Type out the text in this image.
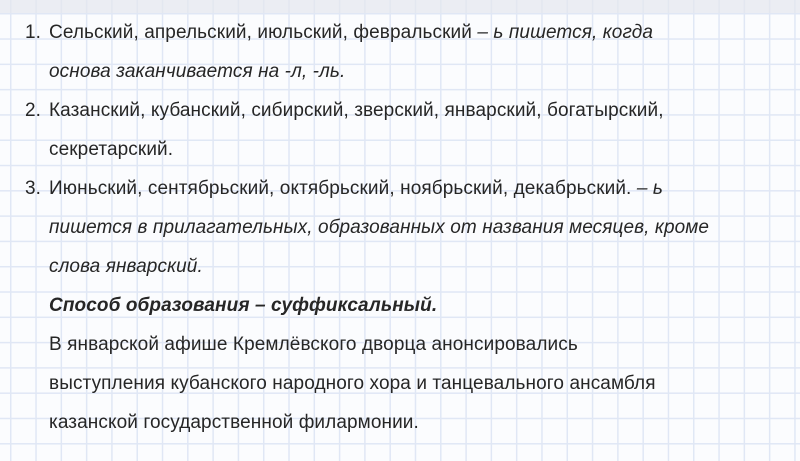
1. Сельский, апрельский, июльский, февральский – ь пишется, когда
основа заканчивается на -л, -ль.
2. Казанский, кубанский, сибирский, зверский, январский, богатырский,
секретарский.
3. Июньский, сентябрьский, октябрьский, ноябрьский, декабрьский. – ь
пишется в прилагательных, образованных от названия месяцев, кроме
слова январский.
Способ образования – суффиксальный.
В январской афише Кремлёвского дворца анонсировались
выступления кубанского народного хора и танцевального ансамбля
казанской государственной филармонии.
